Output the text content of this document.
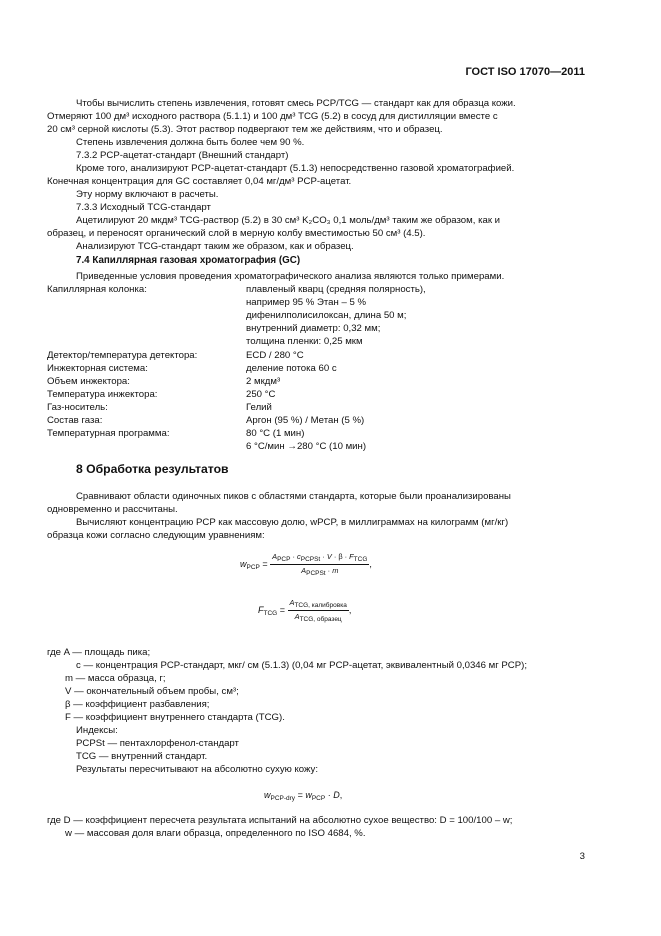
ГОСТ ISO 17070—2011
Чтобы вычислить степень извлечения, готовят смесь PCP/TCG — стандарт как для образца кожи.
Отмеряют 100 дм³ исходного раствора (5.1.1) и 100 дм³ TCG (5.2) в сосуд для дистилляции вместе с
20 см³ серной кислоты (5.3). Этот раствор подвергают тем же действиям, что и образец.
Степень извлечения должна быть более чем 90 %.
7.3.2 PCP-ацетат-стандарт (Внешний стандарт)
Кроме того, анализируют PCP-ацетат-стандарт (5.1.3) непосредственно газовой хроматографией.
Конечная концентрация для GC составляет 0,04 мг/дм³ PCP-ацетат.
Эту норму включают в расчеты.
7.3.3 Исходный TCG-стандарт
Ацетилируют 20 мкдм³ TCG-раствор (5.2) в 30 см³ K₂CO₃ 0,1 моль/дм³ таким же образом, как и
образец, и переносят органический слой в мерную колбу вместимостью 50 см³ (4.5).
Анализируют TCG-стандарт таким же образом, как и образец.
7.4 Капиллярная газовая хроматография (GC)
Приведенные условия проведения хроматографического анализа являются только примерами.
Капиллярная колонка:	плавленый кварц (средняя полярность),
например 95 % Этан – 5 %
дифенилполисилоксан, длина 50 м;
внутренний диаметр: 0,32 мм;
толщина пленки: 0,25 мкм
Детектор/температура детектора:	ECD / 280 °C
Инжекторная система:	деление потока 60 с
Объем инжектора:	2 мкдм³
Температура инжектора:	250 °C
Газ-носитель:	Гелий
Состав газа:	Аргон (95 %) / Метан (5 %)
Температурная программа:	80 °C (1 мин)
6 °C/мин →280 °C (10 мин)
8 Обработка результатов
Сравнивают области одиночных пиков с областями стандарта, которые были проанализированы
одновременно и рассчитаны.
Вычисляют концентрацию PCP как массовую долю, wPCP, в миллиграммах на килограмм (мг/кг)
образца кожи согласно следующим уравнениям:
$w_{PCP} = \frac{A_{PCP} \cdot c_{PCPSt} \cdot V \cdot \beta \cdot F_{TCG}}{A_{PCPSt} \cdot m}$ ,
$F_{TCG} = \frac{A_{TCG, калибровка}}{A_{TCG, образец}}$ ,
где A — площадь пика;
c — концентрация PCP-стандарт, мкг/ см (5.1.3) (0,04 мг PCP-ацетат, эквивалентный 0,0346 мг PCP);
m — масса образца, г;
V — окончательный объем пробы, см³;
β — коэффициент разбавления;
F — коэффициент внутреннего стандарта (TCG).
Индексы:
PCPSt — пентахлорфенол-стандарт
TCG — внутренний стандарт.
Результаты пересчитывают на абсолютно сухую кожу:
$w_{PCP-dry} = w_{PCP} \cdot D$,
где D — коэффициент пересчета результата испытаний на абсолютно сухое вещество: D = 100/100 – w;
w — массовая доля влаги образца, определенного по ISO 4684, %.
3
